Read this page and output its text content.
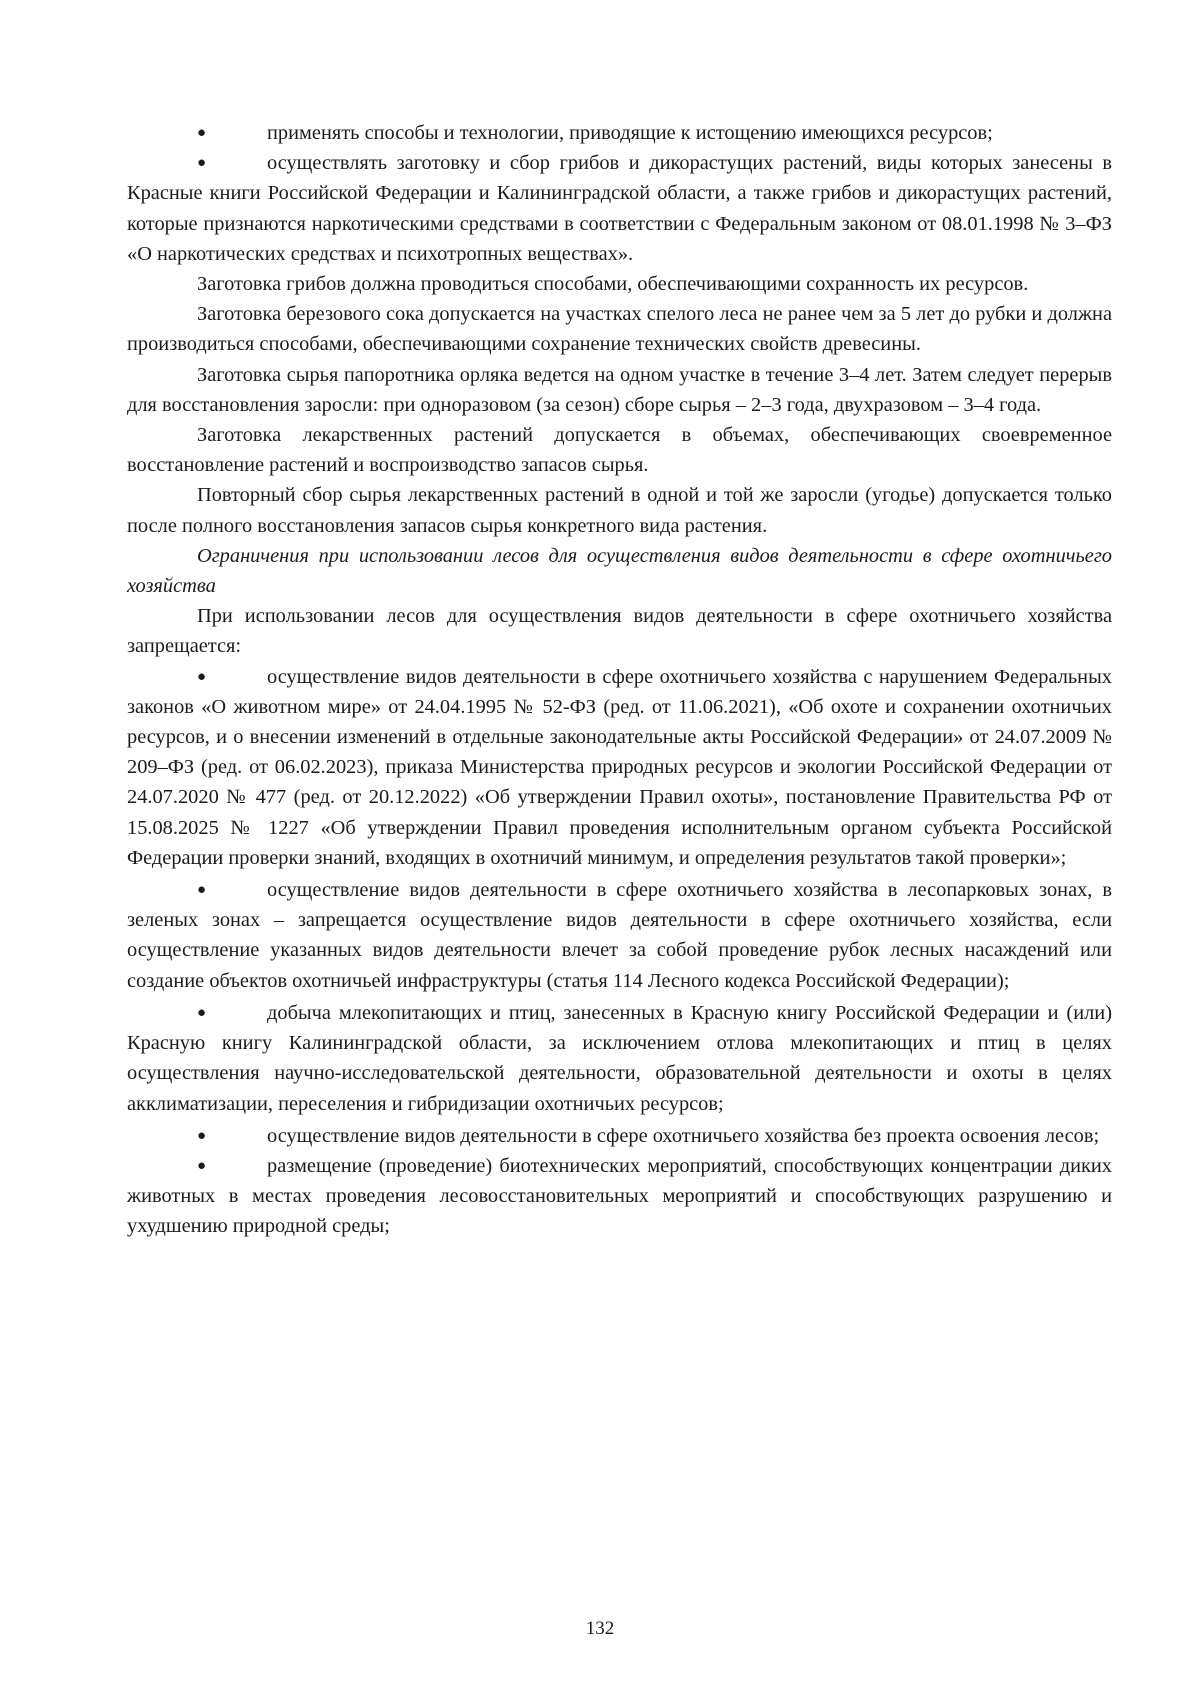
●	применять способы и технологии, приводящие к истощению имеющихся ресурсов;

●	осуществлять заготовку и сбор грибов и дикорастущих растений, виды которых занесены в Красные книги Российской Федерации и Калининградской области, а также грибов и дикорастущих растений, которые признаются наркотическими средствами в соответствии с Федеральным законом от 08.01.1998 № 3–ФЗ «О наркотических средствах и психотропных веществах».

Заготовка грибов должна проводиться способами, обеспечивающими сохранность их ресурсов.

Заготовка березового сока допускается на участках спелого леса не ранее чем за 5 лет до рубки и должна производиться способами, обеспечивающими сохранение технических свойств древесины.

Заготовка сырья папоротника орляка ведется на одном участке в течение 3–4 лет. Затем следует перерыв для восстановления заросли: при одноразовом (за сезон) сборе сырья – 2–3 года, двухразовом – 3–4 года.

Заготовка лекарственных растений допускается в объемах, обеспечивающих своевременное восстановление растений и воспроизводство запасов сырья.

Повторный сбор сырья лекарственных растений в одной и той же заросли (угодье) допускается только после полного восстановления запасов сырья конкретного вида растения.

Ограничения при использовании лесов для осуществления видов деятельности в сфере охотничьего хозяйства

При использовании лесов для осуществления видов деятельности в сфере охотничьего хозяйства запрещается:

●	осуществление видов деятельности в сфере охотничьего хозяйства с нарушением Федеральных законов «О животном мире» от 24.04.1995 № 52-ФЗ (ред. от 11.06.2021), «Об охоте и сохранении охотничьих ресурсов, и о внесении изменений в отдельные законодательные акты Российской Федерации» от 24.07.2009 № 209–ФЗ (ред. от 06.02.2023), приказа Министерства природных ресурсов и экологии Российской Федерации от 24.07.2020 № 477 (ред. от 20.12.2022) «Об утверждении Правил охоты», постановление Правительства РФ от 15.08.2025 № 1227 «Об утверждении Правил проведения исполнительным органом субъекта Российской Федерации проверки знаний, входящих в охотничий минимум, и определения результатов такой проверки»;

●	осуществление видов деятельности в сфере охотничьего хозяйства в лесопарковых зонах, в зеленых зонах – запрещается осуществление видов деятельности в сфере охотничьего хозяйства, если осуществление указанных видов деятельности влечет за собой проведение рубок лесных насаждений или создание объектов охотничьей инфраструктуры (статья 114 Лесного кодекса Российской Федерации);

●	добыча млекопитающих и птиц, занесенных в Красную книгу Российской Федерации и (или) Красную книгу Калининградской области, за исключением отлова млекопитающих и птиц в целях осуществления научно-исследовательской деятельности, образовательной деятельности и охоты в целях акклиматизации, переселения и гибридизации охотничьих ресурсов;

●	осуществление видов деятельности в сфере охотничьего хозяйства без проекта освоения лесов;

●	размещение (проведение) биотехнических мероприятий, способствующих концентрации диких животных в местах проведения лесовосстановительных мероприятий и способствующих разрушению и ухудшению природной среды;

132
